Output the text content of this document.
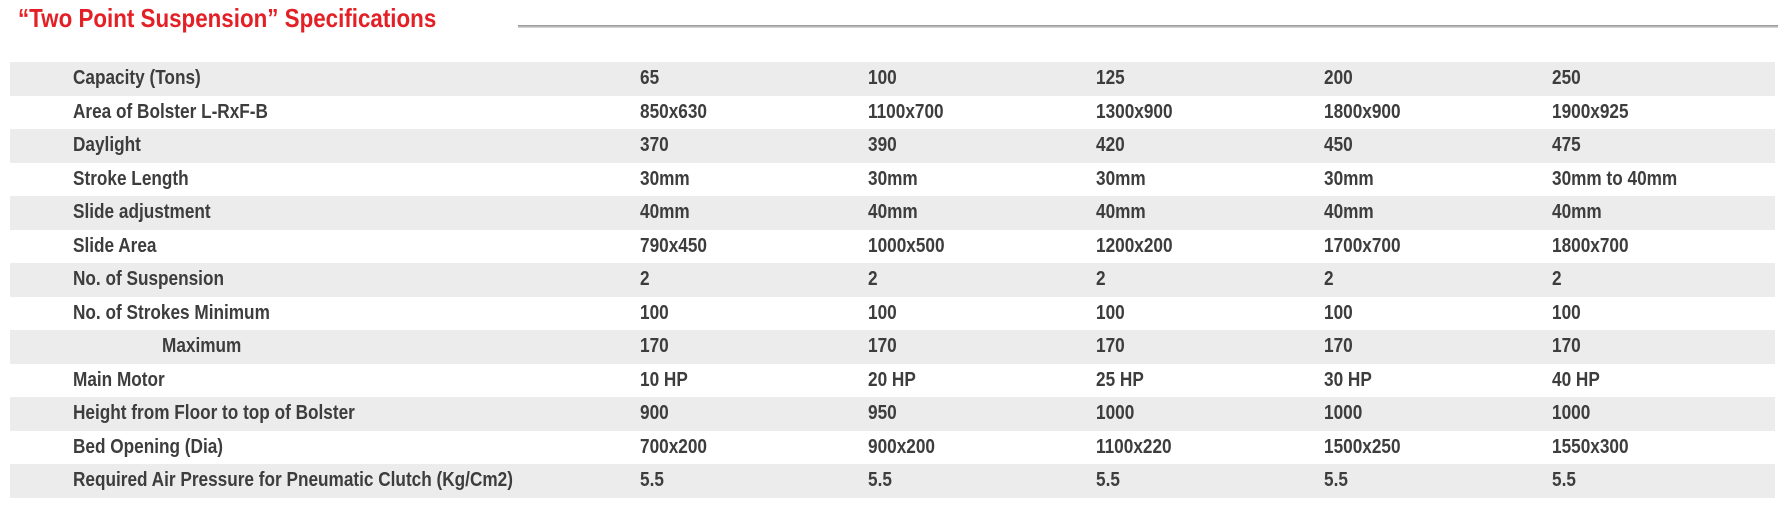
“Two Point Suspension” Specifications
Capacity (Tons)	65	100	125	200	250
Area of Bolster L-RxF-B	850x630	1100x700	1300x900	1800x900	1900x925
Daylight	370	390	420	450	475
Stroke Length	30mm	30mm	30mm	30mm	30mm to 40mm
Slide adjustment	40mm	40mm	40mm	40mm	40mm
Slide Area	790x450	1000x500	1200x200	1700x700	1800x700
No. of Suspension	2	2	2	2	2
No. of Strokes Minimum	100	100	100	100	100
Maximum	170	170	170	170	170
Main Motor	10 HP	20 HP	25 HP	30 HP	40 HP
Height from Floor to top of Bolster	900	950	1000	1000	1000
Bed Opening (Dia)	700x200	900x200	1100x220	1500x250	1550x300
Required Air Pressure for Pneumatic Clutch (Kg/Cm2)	5.5	5.5	5.5	5.5	5.5
